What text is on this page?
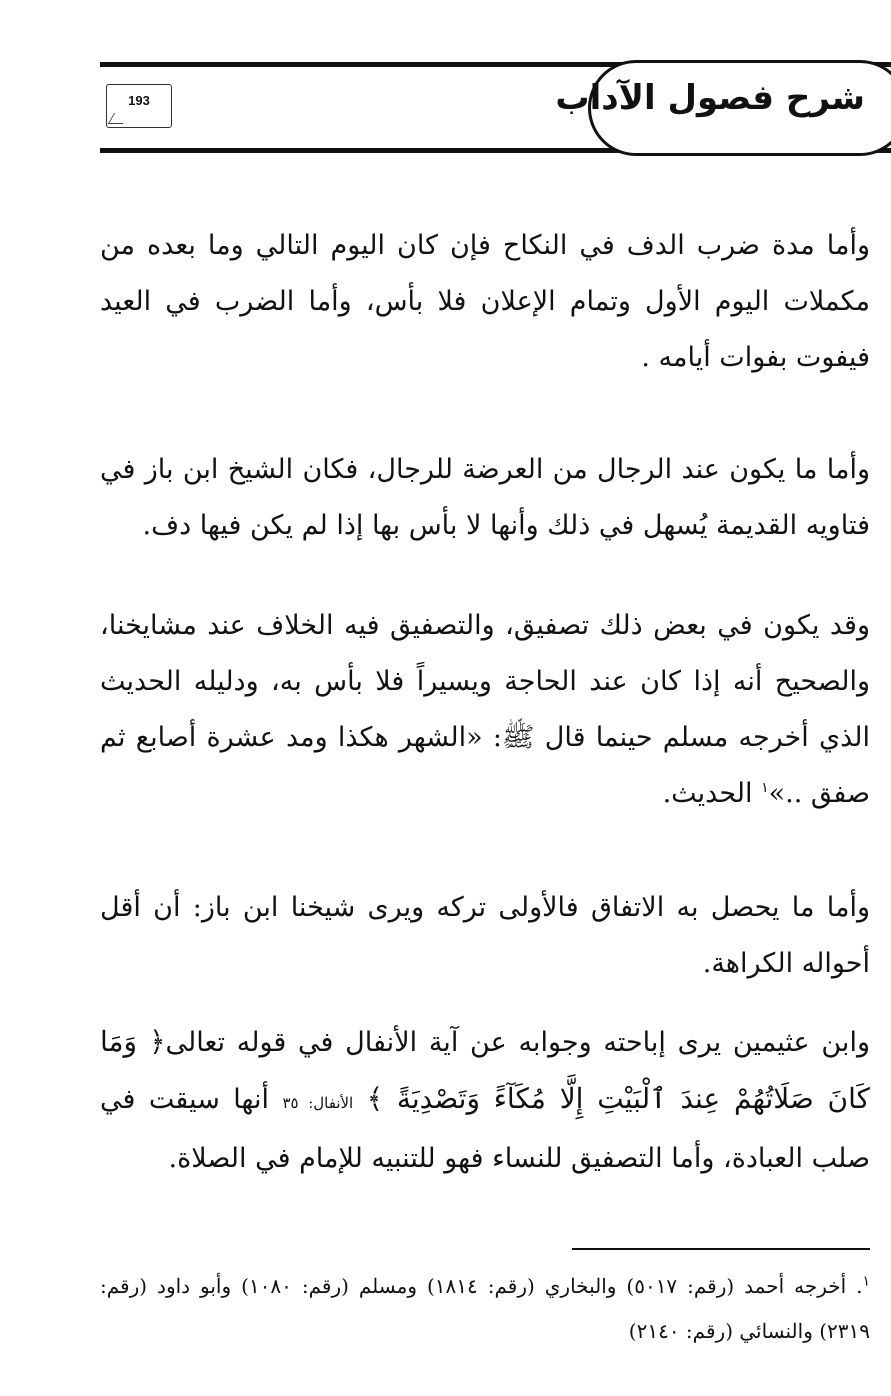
شرح فصول الآداب
193

وأما مدة ضرب الدف في النكاح فإن كان اليوم التالي وما بعده من مكملات اليوم الأول وتمام الإعلان فلا بأس، وأما الضرب في العيد فيفوت بفوات أيامه .

وأما ما يكون عند الرجال من العرضة للرجال، فكان الشيخ ابن باز في فتاويه القديمة يُسهل في ذلك وأنها لا بأس بها إذا لم يكن فيها دف.

وقد يكون في بعض ذلك تصفيق، والتصفيق فيه الخلاف عند مشايخنا، والصحيح أنه إذا كان عند الحاجة ويسيراً فلا بأس به، ودليله الحديث الذي أخرجه مسلم حينما قال ﷺ: «الشهر هكذا ومد عشرة أصابع ثم صفق ..»$^١$ الحديث.

وأما ما يحصل به الاتفاق فالأولى تركه ويرى شيخنا ابن باز: أن أقل أحواله الكراهة.

وابن عثيمين يرى إباحته وجوابه عن آية الأنفال في قوله تعالى﴿ وَمَا كَانَ صَلَاتُهُمْ عِندَ ٱلْبَيْتِ إِلَّا مُكَآءً وَتَصْدِيَةً ﴾ الأنفال: ٣٥ أنها سيقت في صلب العبادة، وأما التصفيق للنساء فهو للتنبيه للإمام في الصلاة.

$^١$. أخرجه أحمد (رقم: ٥٠١٧) والبخاري (رقم: ١٨١٤) ومسلم (رقم: ١٠٨٠) وأبو داود (رقم: ٢٣١٩) والنسائي (رقم: ٢١٤٠)
